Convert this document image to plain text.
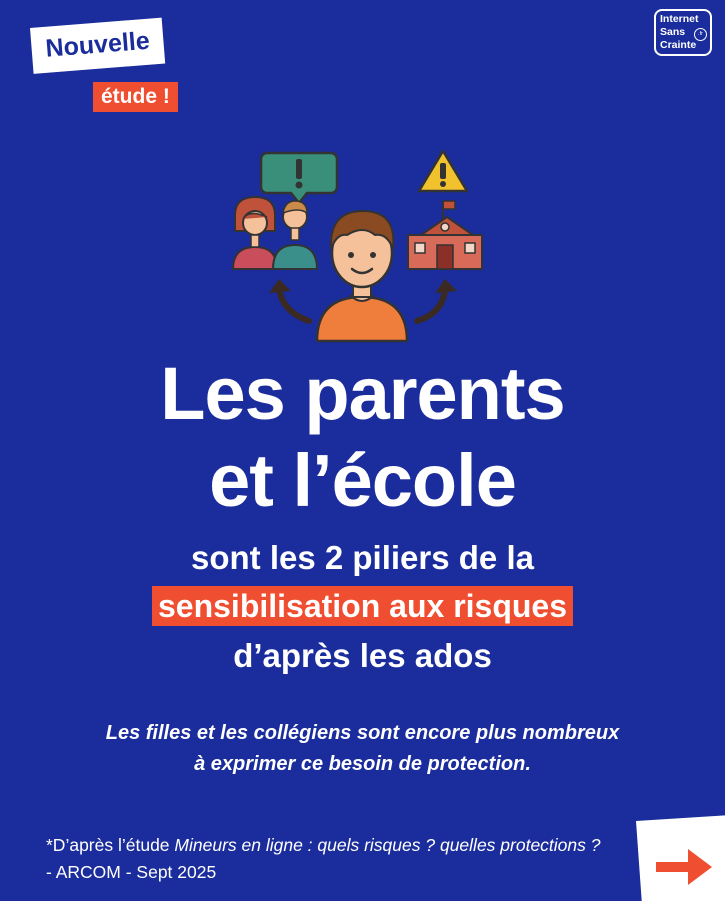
Nouvelle
étude !
Internet
Sans
Crainte
.fr
Les parents
et l’école
sont les 2 piliers de la
sensibilisation aux risques
d’après les ados
Les filles et les collégiens sont encore plus nombreux à exprimer ce besoin de protection.
*D’après l’étude Mineurs en ligne : quels risques ? quelles protections ? - ARCOM - Sept 2025
